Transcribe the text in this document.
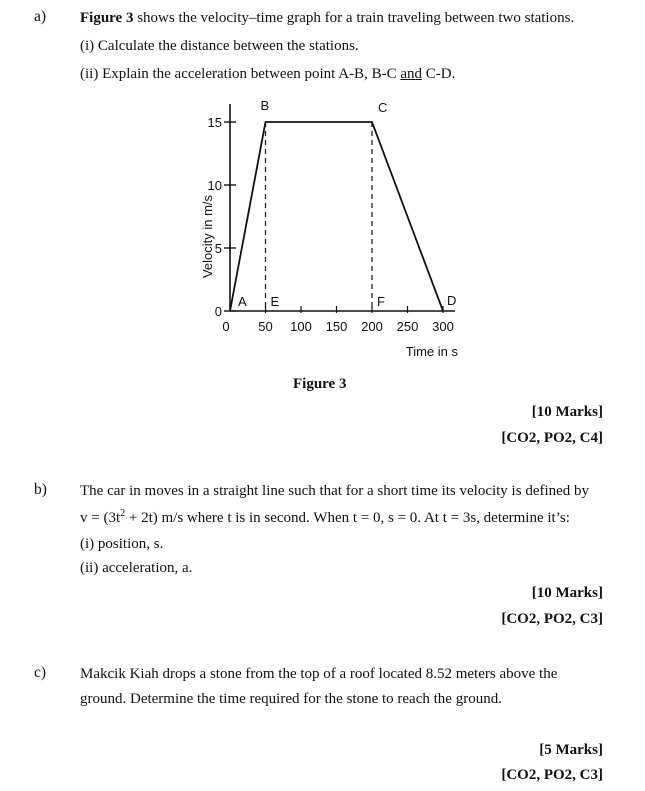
a) Figure 3 shows the velocity–time graph for a train traveling between two stations.
(i) Calculate the distance between the stations.
(ii) Explain the acceleration between point A-B, B-C and C-D.
0
5
10
15
0 50 100 150 200 250 300
Time in s
Velocity in m/s
A
B	C
D
E	F
Figure 3
[10 Marks]
[CO2, PO2, C4]
b) The car in moves in a straight line such that for a short time its velocity is defined by
$v = (3t^2 + 2t)$ m/s where t is in second. When t = 0, s = 0. At t = 3s, determine it’s:
(i) position, s.
(ii) acceleration, a.
[10 Marks]
[CO2, PO2, C3]
c) Makcik Kiah drops a stone from the top of a roof located 8.52 meters above the
ground. Determine the time required for the stone to reach the ground.
[5 Marks]
[CO2, PO2, C3]
